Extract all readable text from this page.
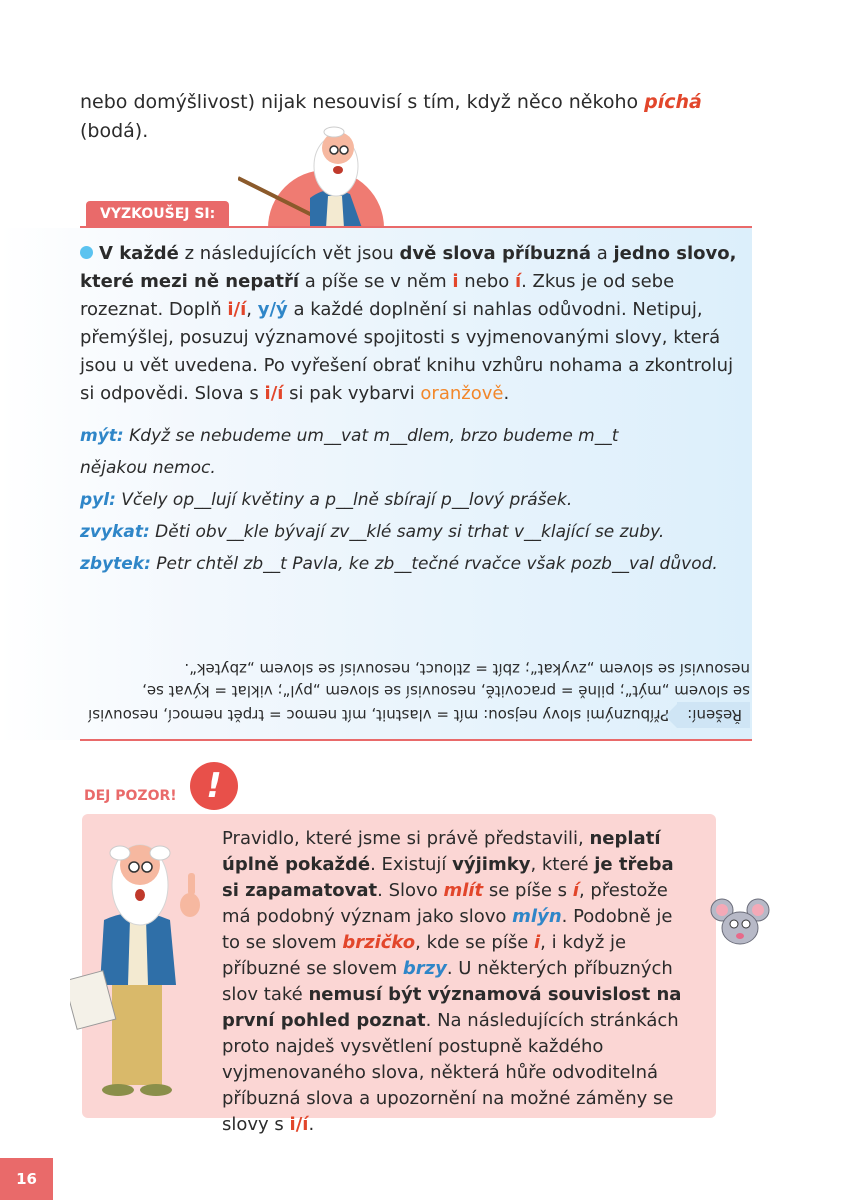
nebo domýšlivost) nijak nesouvisí s tím, když něco někoho píchá
(bodá).
VYZKOUŠEJ SI:
V každé z následujících vět jsou dvě slova příbuzná a jedno slovo, které mezi ně nepatří a píše se v něm i nebo í. Zkus je od sebe rozeznat. Doplň i/í, y/ý a každé doplnění si nahlas odůvodni. Netipuj, přemýšlej, posuzuj významové spojitosti s vyjmenovanými slovy, která jsou u vět uvedena. Po vyřešení obrať knihu vzhůru nohama a zkontroluj si odpovědi. Slova s i/í si pak vybarvi oranžově.
mýt: Když se nebudeme um__vat m__dlem, brzo budeme m__t
nějakou nemoc.
pyl: Včely op__lují květiny a p__lně sbírají p__lový prášek.
zvykat: Děti obv__kle bývají zv__klé samy si trhat v__klající se zuby.
zbytek: Petr chtěl zb__t Pavla, ke zb__tečné rvačce však pozb__val důvod.
Řešení:Příbuznými slovy nejsou: mít = vlastnit, mít nemoc = trpět nemocí, nesouvisí se slovem „mýt“; pilně = pracovitě, nesouvisí se slovem „pyl“; viklat = kývat se, nesouvisí se slovem „zvykat“; zbít = ztlouct, nesouvisí se slovem „zbytek“.
DEJ POZOR! !
Pravidlo, které jsme si právě představili, neplatí úplně pokaždé. Existují výjimky, které je třeba si zapamatovat. Slovo mlít se píše s í, přestože má podobný význam jako slovo mlýn. Podobně je to se slovem brzičko, kde se píše i, i když je příbuzné se slovem brzy. U některých příbuzných slov také nemusí být významová souvislost na první pohled poznat. Na následujících stránkách proto najdeš vysvětlení postupně každého vyjmenovaného slova, některá hůře odvoditelná příbuzná slova a upozornění na možné záměny se slovy s i/í.
16
